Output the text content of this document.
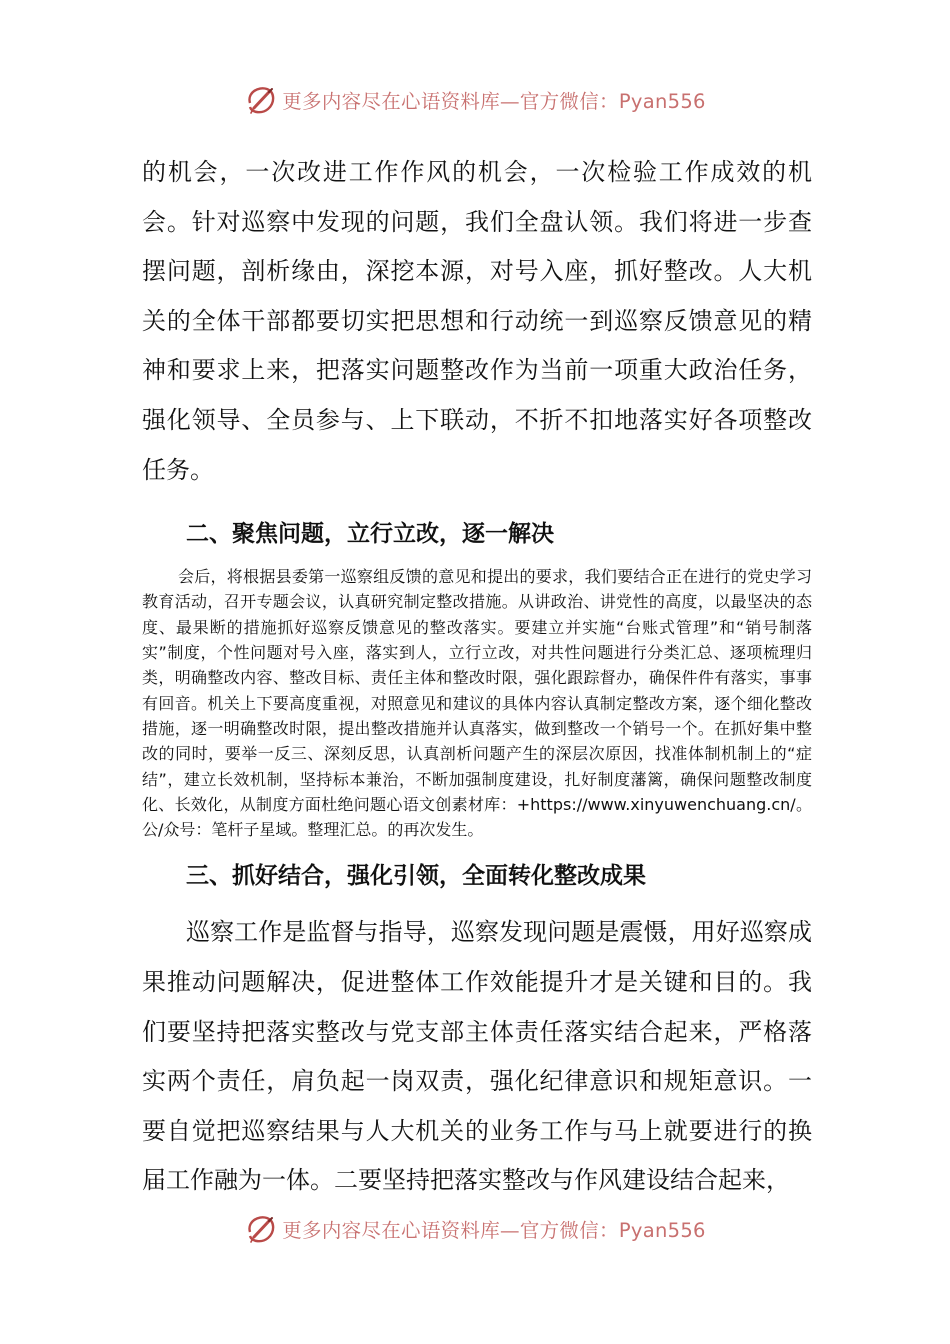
更多内容尽在心语资料库—官方微信：Pyan556

的机会，一次改进工作作风的机会，一次检验工作成效的机会。针对巡察中发现的问题，我们全盘认领。我们将进一步查摆问题，剖析缘由，深挖本源，对号入座，抓好整改。人大机关的全体干部都要切实把思想和行动统一到巡察反馈意见的精神和要求上来，把落实问题整改作为当前一项重大政治任务，强化领导、全员参与、上下联动，不折不扣地落实好各项整改任务。

二、聚焦问题，立行立改，逐一解决

会后，将根据县委第一巡察组反馈的意见和提出的要求，我们要结合正在进行的党史学习教育活动，召开专题会议，认真研究制定整改措施。从讲政治、讲党性的高度，以最坚决的态度、最果断的措施抓好巡察反馈意见的整改落实。要建立并实施“台账式管理”和“销号制落实”制度，个性问题对号入座，落实到人，立行立改，对共性问题进行分类汇总、逐项梳理归类，明确整改内容、整改目标、责任主体和整改时限，强化跟踪督办，确保件件有落实，事事有回音。机关上下要高度重视，对照意见和建议的具体内容认真制定整改方案，逐个细化整改措施，逐一明确整改时限，提出整改措施并认真落实，做到整改一个销号一个。在抓好集中整改的同时，要举一反三、深刻反思，认真剖析问题产生的深层次原因，找准体制机制上的“症结”，建立长效机制，坚持标本兼治，不断加强制度建设，扎好制度藩篱，确保问题整改制度化、长效化，从制度方面杜绝问题心语文创素材库：+https://www.xinyuwenchuang.cn/。公/众号：笔杆子星域。整理汇总。的再次发生。

三、抓好结合，强化引领，全面转化整改成果

巡察工作是监督与指导，巡察发现问题是震慑，用好巡察成果推动问题解决，促进整体工作效能提升才是关键和目的。我们要坚持把落实整改与党支部主体责任落实结合起来，严格落实两个责任，肩负起一岗双责，强化纪律意识和规矩意识。一要自觉把巡察结果与人大机关的业务工作与马上就要进行的换届工作融为一体。二要坚持把落实整改与作风建设结合起来，

更多内容尽在心语资料库—官方微信：Pyan556
